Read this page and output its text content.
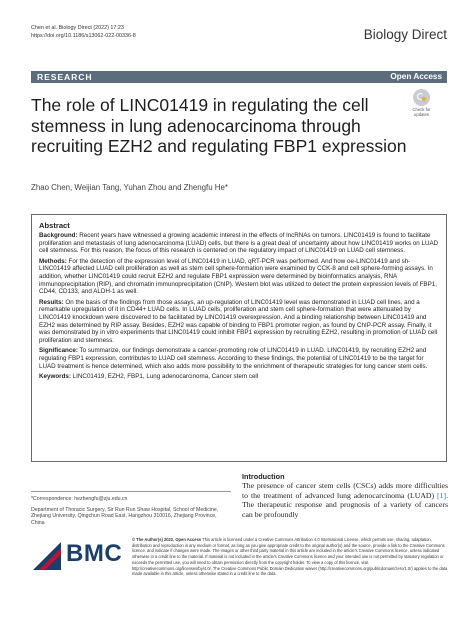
Chen et al. Biology Direct (2022) 17:23
https://doi.org/10.1186/s13062-022-00336-8	Biology Direct
RESEARCH	Open Access
Check for
updates
The role of LINC01419 in regulating the cell stemness in lung adenocarcinoma through recruiting EZH2 and regulating FBP1 expression
Zhao Chen, Weijian Tang, Yuhan Zhou and Zhengfu He*
Abstract

Background: Recent years have witnessed a growing academic interest in the effects of lncRNAs on tumors. LINC01419 is found to facilitate proliferation and metastasis of lung adenocarcinoma (LUAD) cells, but there is a great deal of uncertainty about how LINC01419 works on LUAD cell stemness. For this reason, the focus of this research is centered on the regulatory impact of LINC01419 on LUAD cell stemness.

Methods: For the detection of the expression level of LINC01419 in LUAD, qRT-PCR was performed. And how oe-LINC01419 and sh-LINC01419 affected LUAD cell proliferation as well as stem cell sphere-formation were examined by CCK-8 and cell sphere-forming assays. In addition, whether LINC01419 could recruit EZH2 and regulate FBP1 expression were determined by bioinformatics analysis, RNA immunoprecipitation (RIP), and chromatin immunoprecipitation (ChIP). Western blot was utilized to detect the protein expression levels of FBP1, CD44, CD133, and ALDH-1 as well.

Results: On the basis of the findings from those assays, an up-regulation of LINC01419 level was demonstrated in LUAD cell lines, and a remarkable upregulation of it in CD44+ LUAD cells. In LUAD cells, proliferation and stem cell sphere-formation that were attenuated by LINC01419 knockdown were discovered to be facilitated by LINC01419 overexpression. And a binding relationship between LINC01419 and EZH2 was determined by RIP assay. Besides, EZH2 was capable of binding to FBP1 promoter region, as found by ChIP-PCR assay. Finally, it was demonstrated by in vitro experiments that LINC01419 could inhibit FBP1 expression by recruiting EZH2, resulting in promotion of LUAD cell proliferation and stemness.

Significance: To summarize, our findings demonstrate a cancer-promoting role of LINC01419 in LUAD. LINC01419, by recruiting EZH2 and regulating FBP1 expression, contributes to LUAD cell stemness. According to these findings, the potential of LINC01419 to be the target for LUAD treatment is hence determined, which also adds more possibility to the enrichment of therapeutic strategies for lung cancer stem cells.

Keywords: LINC01419, EZH2, FBP1, Lung adenocarcinoma, Cancer stem cell

Introduction

The presence of cancer stem cells (CSCs) adds more difficulties to the treatment of advanced lung adenocarcinoma (LUAD) [1]. The therapeutic response and prognosis of a variety of cancers can be profoundly

*Correspondence: hezhengfu@zju.edu.cn
Department of Thoracic Surgery, Sir Run Run Shaw Hospital, School of Medicine, Zhejiang University, Qingchun Road East, Hangzhou 310016, Zhejiang Province, China
BMC
© The Author(s) 2022. Open Access This article is licensed under a Creative Commons Attribution 4.0 International License, which permits use, sharing, adaptation, distribution and reproduction in any medium or format, as long as you give appropriate credit to the original author(s) and the source, provide a link to the Creative Commons licence, and indicate if changes were made. The images or other third party material in this article are included in the article's Creative Commons licence, unless indicated otherwise in a credit line to the material. If material is not included in the article's Creative Commons licence and your intended use is not permitted by statutory regulation or exceeds the permitted use, you will need to obtain permission directly from the copyright holder. To view a copy of this licence, visit http://creativecommons.org/licenses/by/4.0/. The Creative Commons Public Domain Dedication waiver (http://creativecommons.org/publicdomain/zero/1.0/) applies to the data made available in this article, unless otherwise stated in a credit line to the data.
